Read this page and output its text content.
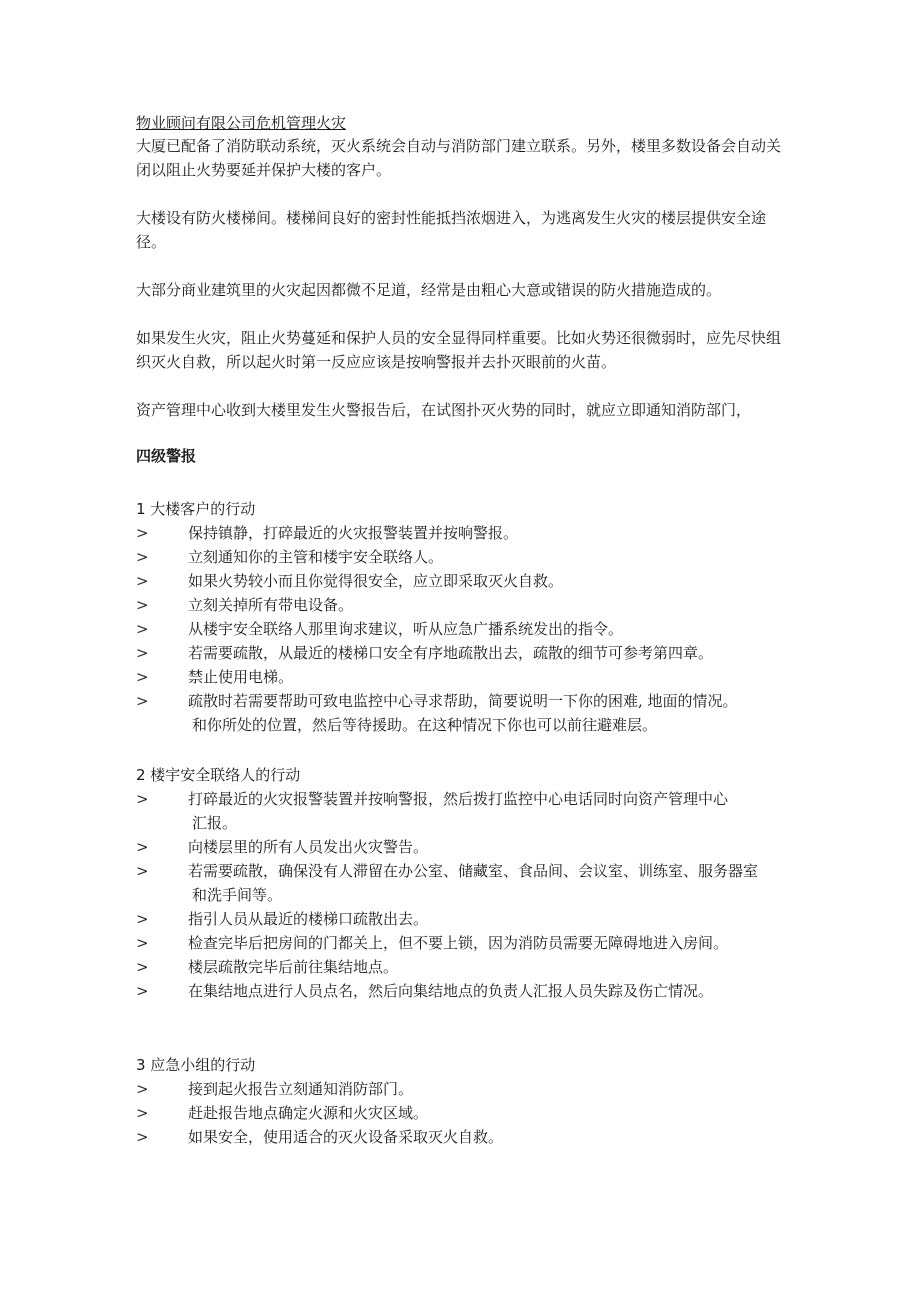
物业顾问有限公司危机管理火灾

大厦已配备了消防联动系统，灭火系统会自动与消防部门建立联系。另外，楼里多数设备会自动关闭以阻止火势要延并保护大楼的客户。

大楼设有防火楼梯间。楼梯间良好的密封性能抵挡浓烟进入，为逃离发生火灾的楼层提供安全途径。

大部分商业建筑里的火灾起因都微不足道，经常是由粗心大意或错误的防火措施造成的。

如果发生火灾，阻止火势蔓延和保护人员的安全显得同样重要。比如火势还很微弱时，应先尽快组织灭火自救，所以起火时第一反应应该是按响警报并去扑灭眼前的火苗。

资产管理中心收到大楼里发生火警报告后，在试图扑灭火势的同时，就应立即通知消防部门，

四级警报
1 大楼客户的行动
>	保持镇静，打碎最近的火灾报警装置并按响警报。
>	立刻通知你的主管和楼宇安全联络人。
>	如果火势较小而且你觉得很安全，应立即采取灭火自救。
>	立刻关掉所有带电设备。
>	从楼宇安全联络人那里询求建议，听从应急广播系统发出的指令。
>	若需要疏散，从最近的楼梯口安全有序地疏散出去，疏散的细节可参考第四章。
>	禁止使用电梯。
>	疏散时若需要帮助可致电监控中心寻求帮助，简要说明一下你的困难, 地面的情况。
和你所处的位置，然后等待援助。在这种情况下你也可以前往避难层。
2 楼宇安全联络人的行动
>	打碎最近的火灾报警装置并按响警报，然后拨打监控中心电话同时向资产管理中心
汇报。
>	向楼层里的所有人员发出火灾警告。
>	若需要疏散，确保没有人滞留在办公室、储藏室、食品间、会议室、训练室、服务器室
和洗手间等。
>	指引人员从最近的楼梯口疏散出去。
>	检查完毕后把房间的门都关上，但不要上锁，因为消防员需要无障碍地进入房间。
>	楼层疏散完毕后前往集结地点。
>	在集结地点进行人员点名，然后向集结地点的负责人汇报人员失踪及伤亡情况。
3 应急小组的行动
>	接到起火报告立刻通知消防部门。
>	赶赴报告地点确定火源和火灾区域。
>	如果安全，使用适合的灭火设备采取灭火自救。
